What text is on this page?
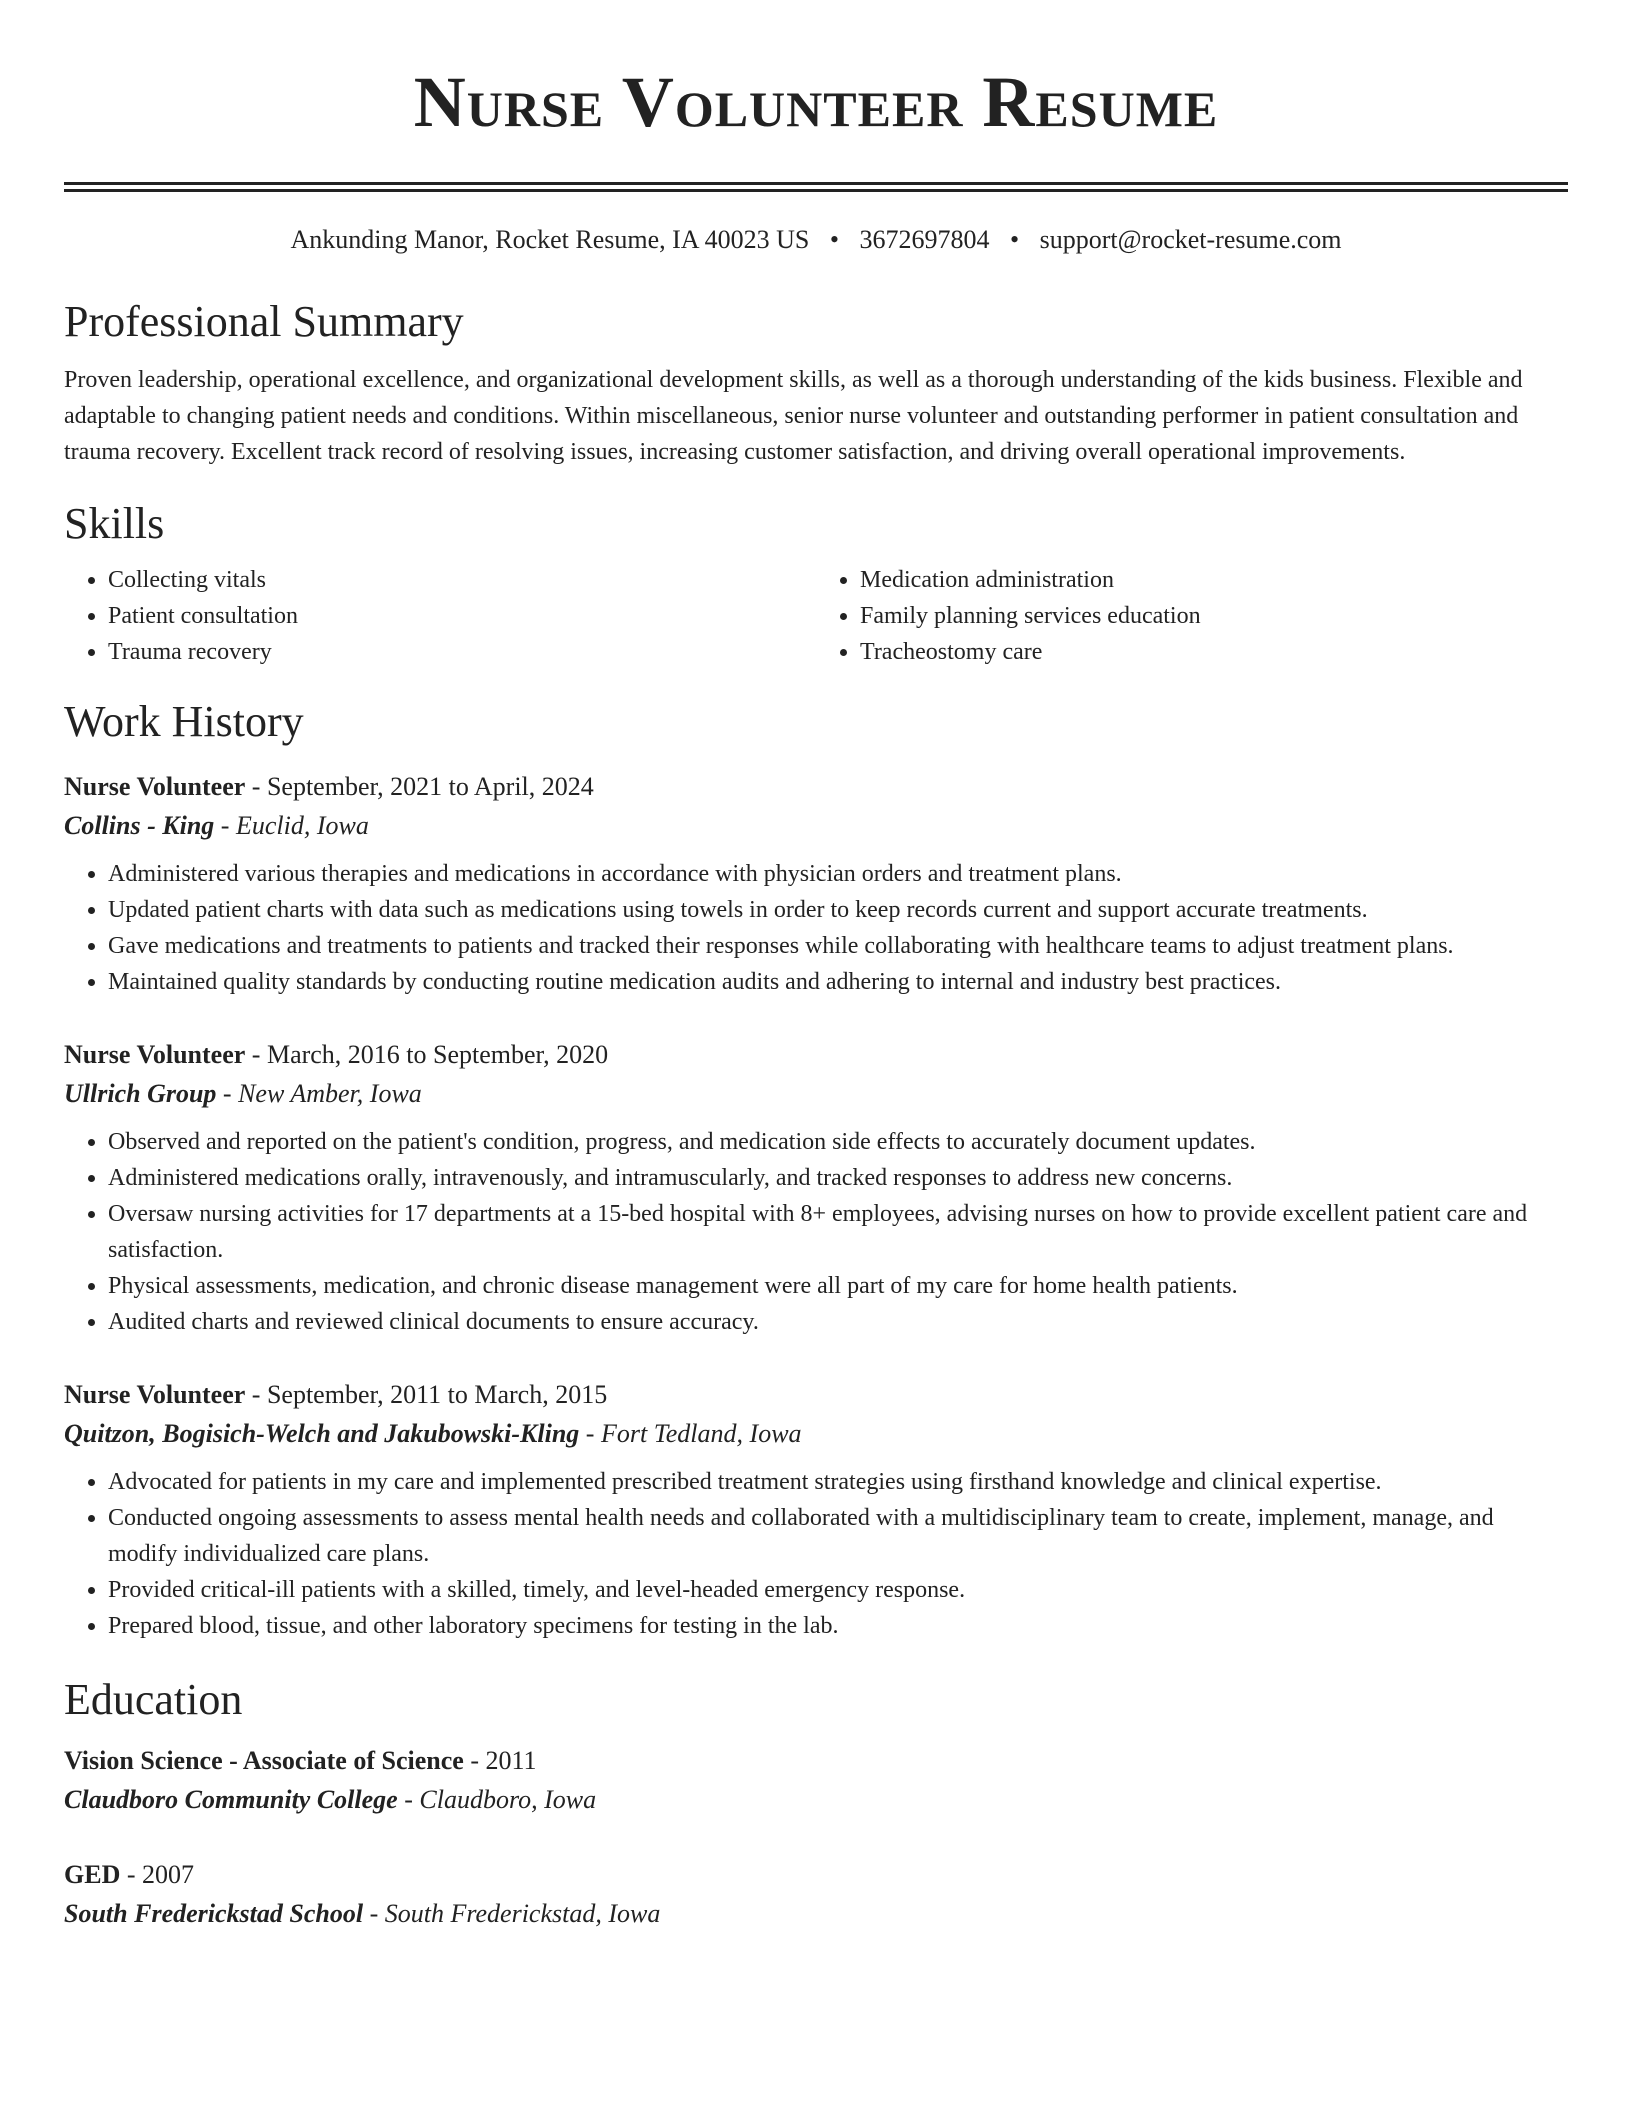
Nurse Volunteer Resume
Ankunding Manor, Rocket Resume, IA 40023 US • 3672697804 • support@rocket-resume.com
Professional Summary
Proven leadership, operational excellence, and organizational development skills, as well as a thorough understanding of the kids business. Flexible and adaptable to changing patient needs and conditions. Within miscellaneous, senior nurse volunteer and outstanding performer in patient consultation and trauma recovery. Excellent track record of resolving issues, increasing customer satisfaction, and driving overall operational improvements.
Skills
• Collecting vitals
• Patient consultation
• Trauma recovery
• Medication administration
• Family planning services education
• Tracheostomy care
Work History
Nurse Volunteer - September, 2021 to April, 2024
Collins - King - Euclid, Iowa
• Administered various therapies and medications in accordance with physician orders and treatment plans.
• Updated patient charts with data such as medications using towels in order to keep records current and support accurate treatments.
• Gave medications and treatments to patients and tracked their responses while collaborating with healthcare teams to adjust treatment plans.
• Maintained quality standards by conducting routine medication audits and adhering to internal and industry best practices.
Nurse Volunteer - March, 2016 to September, 2020
Ullrich Group - New Amber, Iowa
• Observed and reported on the patient's condition, progress, and medication side effects to accurately document updates.
• Administered medications orally, intravenously, and intramuscularly, and tracked responses to address new concerns.
• Oversaw nursing activities for 17 departments at a 15-bed hospital with 8+ employees, advising nurses on how to provide excellent patient care and satisfaction.
• Physical assessments, medication, and chronic disease management were all part of my care for home health patients.
• Audited charts and reviewed clinical documents to ensure accuracy.
Nurse Volunteer - September, 2011 to March, 2015
Quitzon, Bogisich-Welch and Jakubowski-Kling - Fort Tedland, Iowa
• Advocated for patients in my care and implemented prescribed treatment strategies using firsthand knowledge and clinical expertise.
• Conducted ongoing assessments to assess mental health needs and collaborated with a multidisciplinary team to create, implement, manage, and modify individualized care plans.
• Provided critical-ill patients with a skilled, timely, and level-headed emergency response.
• Prepared blood, tissue, and other laboratory specimens for testing in the lab.
Education
Vision Science - Associate of Science - 2011
Claudboro Community College - Claudboro, Iowa
GED - 2007
South Frederickstad School - South Frederickstad, Iowa
